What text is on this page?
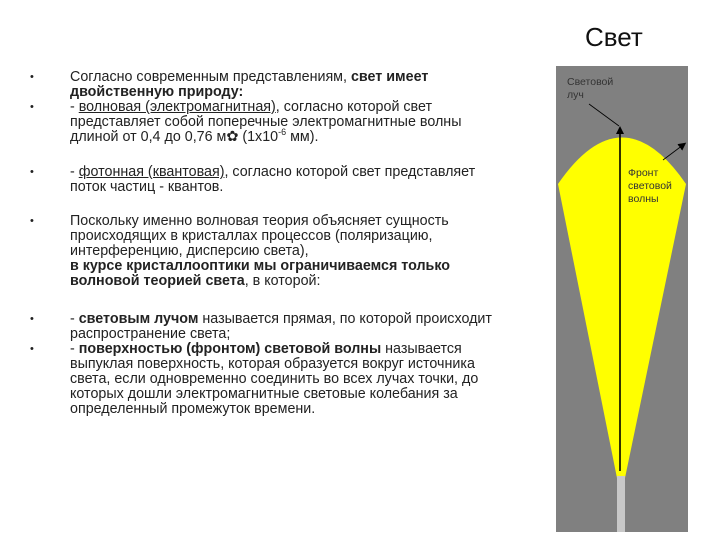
Свет
•
•
Согласно современным представлениям, свет имеет двойственную природу:
- волновая (электромагнитная), согласно которой свет представляет собой поперечные электромагнитные волны длиной от 0,4 до 0,76 м✿ ($1х10^{-6}$ мм).
•	- фотонная (квантовая), согласно которой свет представляет поток частиц - квантов.
•	Поскольку именно волновая теория объясняет сущность происходящих в кристаллах процессов (поляризацию, интерференцию, дисперсию света),
в курсе кристаллооптики мы ограничиваемся только волновой теорией света, в которой:
•
•
- световым лучом называется прямая, по которой происходит распространение света;
- поверхностью (фронтом) световой волны называется выпуклая поверхность, которая образуется вокруг источника света, если одновременно соединить во всех лучах точки, до которых дошли электромагнитные световые колебания за определенный промежуток времени.
Световой
луч
Фронт
световой
волны
